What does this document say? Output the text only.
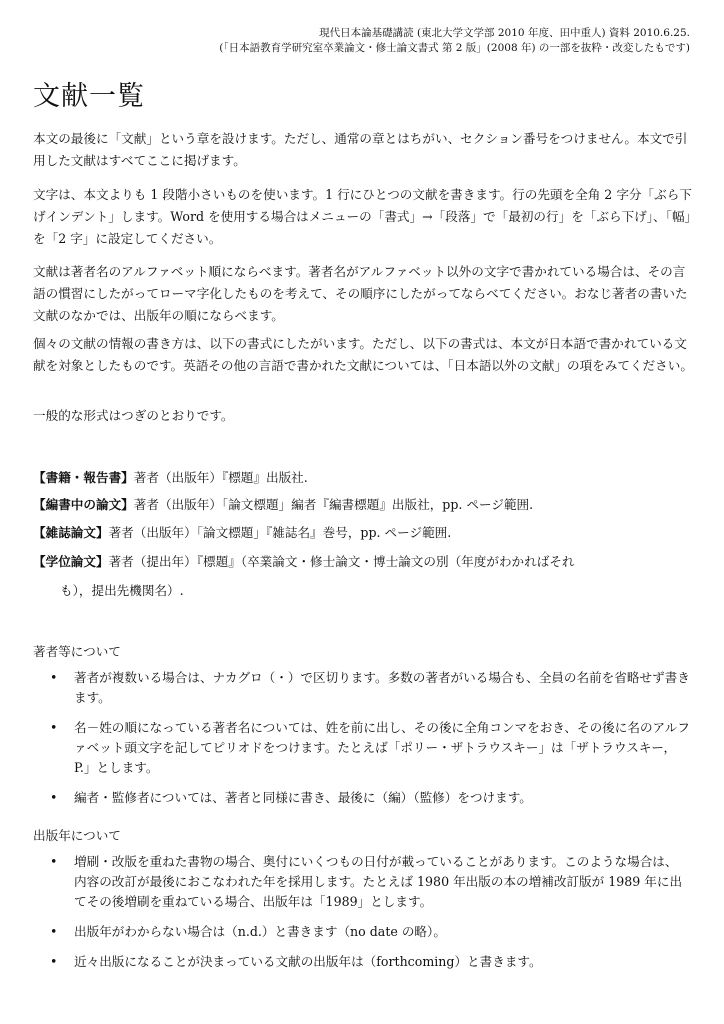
現代日本論基礎講読 (東北大学文学部 2010 年度、田中重人) 資料 2010.6.25.
(「日本語教育学研究室卒業論文・修士論文書式 第 2 版」(2008 年) の一部を抜粋・改変したもです)
文献一覧

本文の最後に「文献」という章を設けます。ただし、通常の章とはちがい、セクション番号をつけません。本文で引用した文献はすべてここに掲げます。

文字は、本文よりも 1 段階小さいものを使います。1 行にひとつの文献を書きます。行の先頭を全角 2 字分「ぶら下げインデント」します。Word を使用する場合はメニューの「書式」→「段落」で「最初の行」を「ぶら下げ」、「幅」を「2 字」に設定してください。

文献は著者名のアルファベット順にならべます。著者名がアルファベット以外の文字で書かれている場合は、その言語の慣習にしたがってローマ字化したものを考えて、その順序にしたがってならべてください。おなじ著者の書いた文献のなかでは、出版年の順にならべます。

個々の文献の情報の書き方は、以下の書式にしたがいます。ただし、以下の書式は、本文が日本語で書かれている文献を対象としたものです。英語その他の言語で書かれた文献については、「日本語以外の文献」の項をみてください。

一般的な形式はつぎのとおりです。

【書籍・報告書】著者（出版年）『標題』出版社.
【編書中の論文】著者（出版年）「論文標題」編者『編書標題』出版社，pp. ページ範囲.
【雑誌論文】著者（出版年）「論文標題」『雑誌名』巻号，pp. ページ範囲.
【学位論文】著者（提出年）『標題』（卒業論文・修士論文・博士論文の別（年度がわかればそれ
も），提出先機関名）.
著者等について
• 著者が複数いる場合は、ナカグロ（・）で区切ります。多数の著者がいる場合も、全員の名前を省略せず書きます。
• 名－姓の順になっている著者名については、姓を前に出し、その後に全角コンマをおき、その後に名のアルファベット頭文字を記してピリオドをつけます。たとえば「ポリー・ザトラウスキー」は「ザトラウスキー，P.」とします。
• 編者・監修者については、著者と同様に書き、最後に（編）（監修）をつけます。
出版年について
• 増刷・改版を重ねた書物の場合、奥付にいくつもの日付が載っていることがあります。このような場合は、内容の改訂が最後におこなわれた年を採用します。たとえば 1980 年出版の本の増補改訂版が 1989 年に出てその後増刷を重ねている場合、出版年は「1989」とします。
• 出版年がわからない場合は（n.d.）と書きます（no date の略）。
• 近々出版になることが決まっている文献の出版年は（forthcoming）と書きます。
